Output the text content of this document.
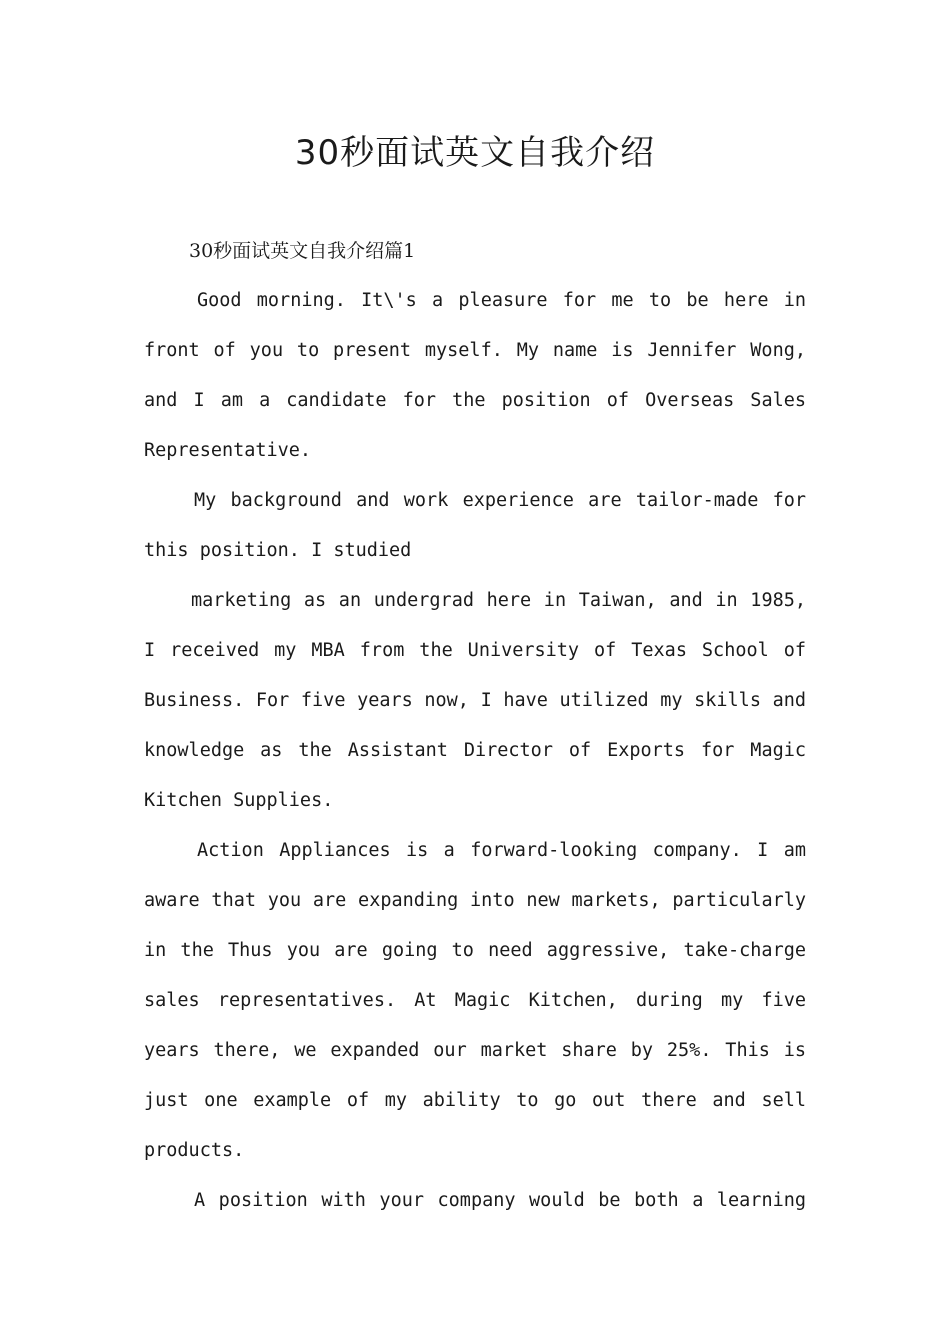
30秒面试英文自我介绍
30秒面试英文自我介绍篇1
Good morning. It\'s a pleasure for me to be here in
front of you to present myself. My name is Jennifer Wong,
and I am a candidate for the position of Overseas Sales
Representative.
My background and work experience are tailor-made for
this position. I studied
marketing as an undergrad here in Taiwan, and in 1985,
I received my MBA from the University of Texas School of
Business. For five years now, I have utilized my skills and
knowledge as the Assistant Director of Exports for Magic
Kitchen Supplies.
Action Appliances is a forward-looking company. I am
aware that you are expanding into new markets, particularly
in the Thus you are going to need aggressive, take-charge
sales representatives. At Magic Kitchen, during my five
years there, we expanded our market share by 25%. This is
just one example of my ability to go out there and sell
products.
A position with your company would be both a learning
